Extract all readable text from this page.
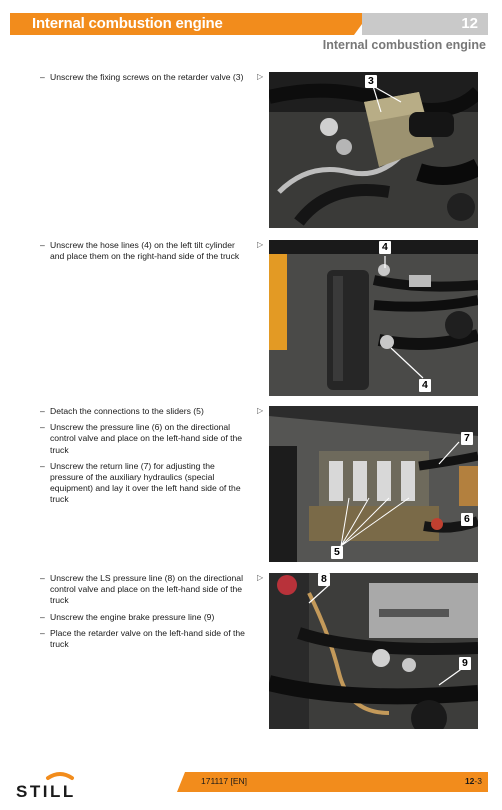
Internal combustion engine	12
Internal combustion engine
– Unscrew the fixing screws on the retarder valve (3)	▷	3
– Unscrew the hose lines (4) on the left tilt cylinder and place them on the right-hand side of the truck
▷	4
4
– Detach the connections to the sliders (5)
– Unscrew the pressure line (6) on the directional control valve and place on the left-hand side of the truck
– Unscrew the return line (7) for adjusting the pressure of the auxiliary hydraulics (special equipment) and lay it over the left hand side of the truck
▷
7
6
5
– Unscrew the LS pressure line (8) on the directional control valve and place on the left-hand side of the truck
– Unscrew the engine brake pressure line (9)
– Place the retarder valve on the left-hand side of the truck
▷	8
9
STILL
171117 [EN]	12-3
